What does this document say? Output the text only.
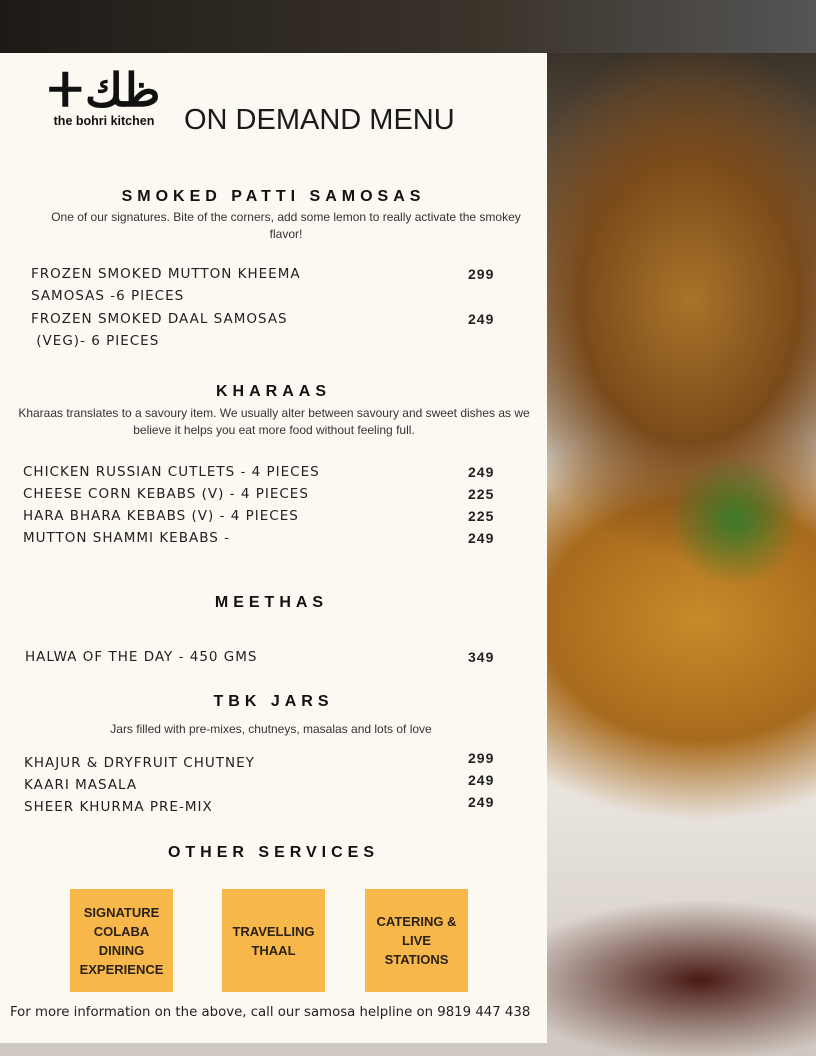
ⵜظك
the bohri kitchen	ON DEMAND MENU
SMOKED PATTI SAMOSAS
One of our signatures. Bite of the corners, add some lemon to really activate the smokey flavor!
FROZEN SMOKED MUTTON KHEEMA
SAMOSAS -6 PIECES
299
FROZEN SMOKED DAAL SAMOSAS
(VEG)- 6 PIECES
249
KHARAAS
Kharaas translates to a savoury item. We usually alter between savoury and sweet dishes as we believe it helps you eat more food without feeling full.
CHICKEN RUSSIAN CUTLETS - 4 PIECES	249
CHEESE CORN KEBABS (V) - 4 PIECES	225
HARA BHARA KEBABS (V) - 4 PIECES	225
MUTTON SHAMMI KEBABS -	249
MEETHAS
HALWA OF THE DAY - 450 GMS	349
TBK JARS
Jars filled with pre-mixes, chutneys, masalas and lots of love
KHAJUR & DRYFRUIT CHUTNEY	299
KAARI MASALA	249
SHEER KHURMA PRE-MIX	249
OTHER SERVICES
SIGNATURE COLABA DINING EXPERIENCE
TRAVELLING THAAL
CATERING & LIVE STATIONS
For more information on the above, call our samosa helpline on 9819 447 438
